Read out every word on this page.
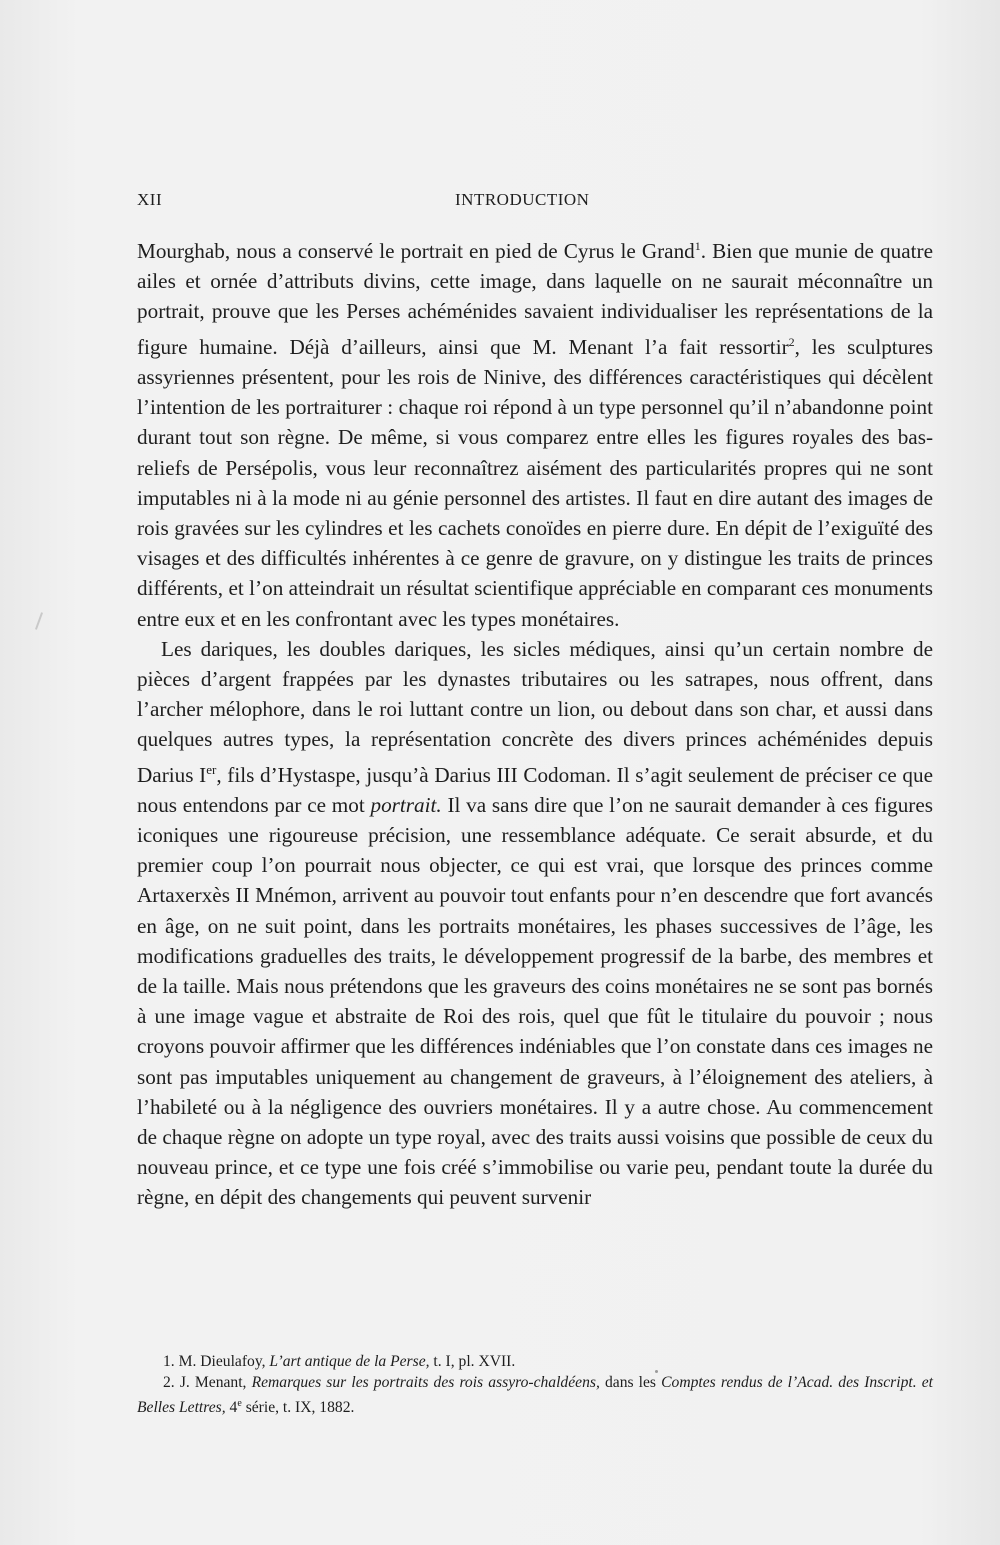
XII	INTRODUCTION

Mourghab, nous a conservé le portrait en pied de Cyrus le Grand$^1$. Bien que munie de quatre ailes et ornée d’attributs divins, cette image, dans laquelle on ne saurait méconnaître un portrait, prouve que les Perses achéménides savaient individualiser les représentations de la figure humaine. Déjà d’ailleurs, ainsi que M. Menant l’a fait ressortir$^2$, les sculptures assyriennes présentent, pour les rois de Ninive, des différences caractéristiques qui décèlent l’intention de les portraiturer : chaque roi répond à un type personnel qu’il n’abandonne point durant tout son règne. De même, si vous comparez entre elles les figures royales des bas-reliefs de Persépolis, vous leur reconnaîtrez aisément des particularités propres qui ne sont imputables ni à la mode ni au génie personnel des artistes. Il faut en dire autant des images de rois gravées sur les cylindres et les cachets conoïdes en pierre dure. En dépit de l’exiguïté des visages et des difficultés inhérentes à ce genre de gravure, on y distingue les traits de princes différents, et l’on atteindrait un résultat scientifique appréciable en comparant ces monuments entre eux et en les confrontant avec les types monétaires.

Les dariques, les doubles dariques, les sicles médiques, ainsi qu’un certain nombre de pièces d’argent frappées par les dynastes tributaires ou les satrapes, nous offrent, dans l’archer mélophore, dans le roi luttant contre un lion, ou debout dans son char, et aussi dans quelques autres types, la représentation concrète des divers princes achéménides depuis Darius Ier, fils d’Hystaspe, jusqu’à Darius III Codoman. Il s’agit seulement de préciser ce que nous entendons par ce mot portrait. Il va sans dire que l’on ne saurait demander à ces figures iconiques une rigoureuse précision, une ressemblance adéquate. Ce serait absurde, et du premier coup l’on pourrait nous objecter, ce qui est vrai, que lorsque des princes comme Artaxerxès II Mnémon, arrivent au pouvoir tout enfants pour n’en descendre que fort avancés en âge, on ne suit point, dans les portraits monétaires, les phases successives de l’âge, les modifications graduelles des traits, le développement progressif de la barbe, des membres et de la taille. Mais nous prétendons que les graveurs des coins monétaires ne se sont pas bornés à une image vague et abstraite de Roi des rois, quel que fût le titulaire du pouvoir ; nous croyons pouvoir affirmer que les différences indéniables que l’on constate dans ces images ne sont pas imputables uniquement au changement de graveurs, à l’éloignement des ateliers, à l’habileté ou à la négligence des ouvriers monétaires. Il y a autre chose. Au commencement de chaque règne on adopte un type royal, avec des traits aussi voisins que possible de ceux du nouveau prince, et ce type une fois créé s’immobilise ou varie peu, pendant toute la durée du règne, en dépit des changements qui peuvent survenir

1. M. Dieulafoy, L’art antique de la Perse, t. I, pl. XVII.

2. J. Menant, Remarques sur les portraits des rois assyro-chaldéens, dans les Comptes rendus de l’Acad. des Inscript. et Belles Lettres, 4e série, t. IX, 1882.
